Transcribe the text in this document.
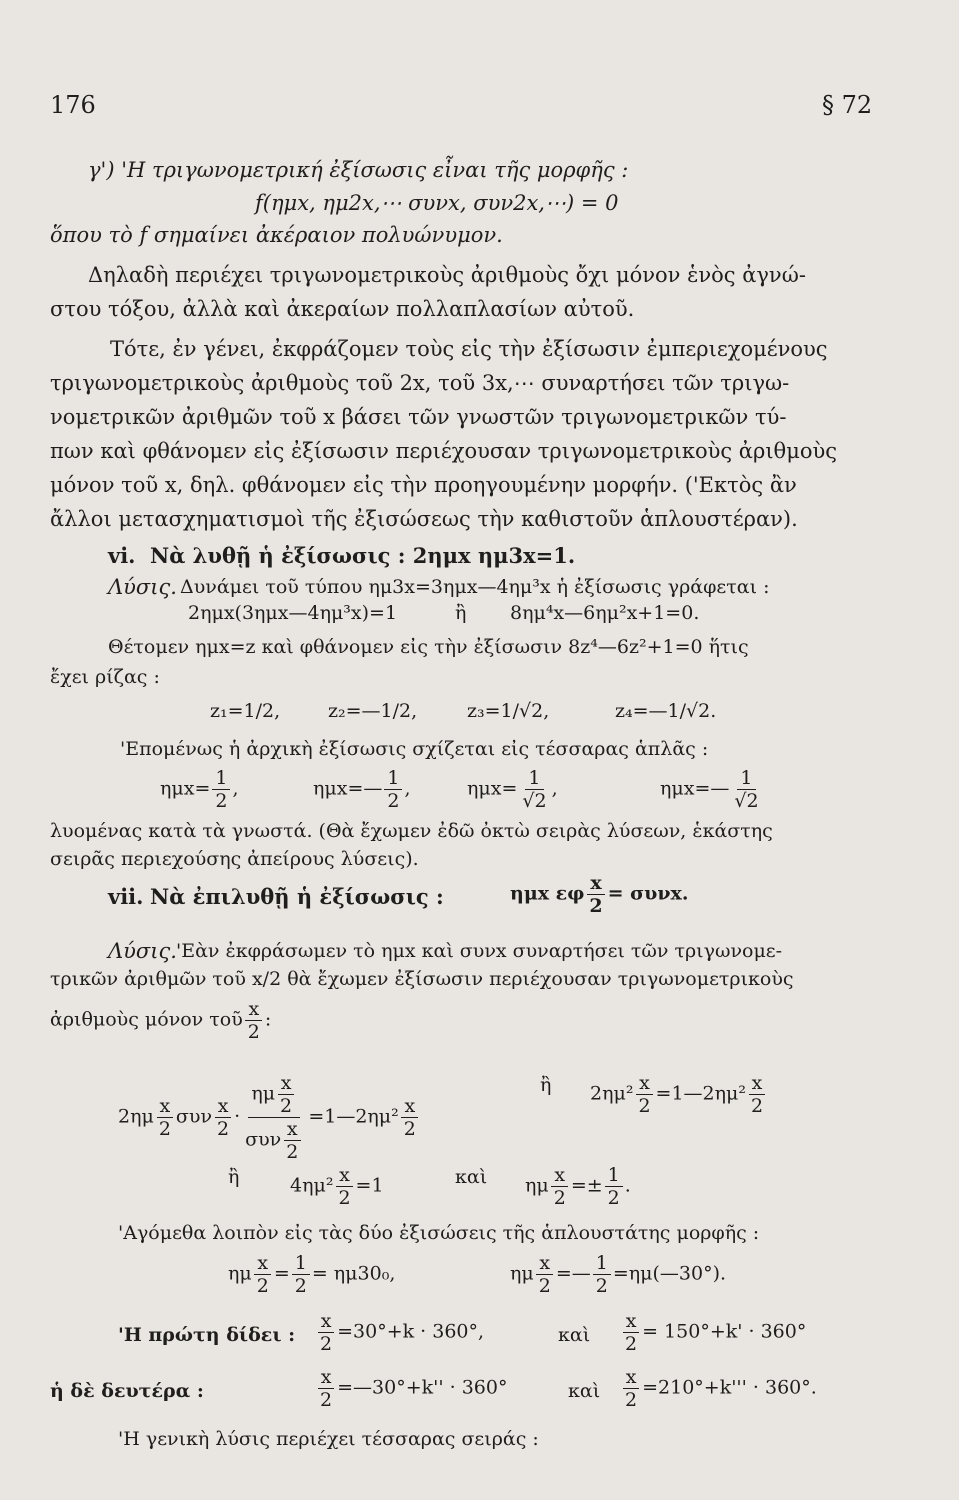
176	§ 72
γ') 'Η τριγωνομετρική ἐξίσωσις εἶναι τῆς μορφῆς :
f(ημx, ημ2x,⋯ συνx, συν2x,⋯) = 0
ὅπου τὸ f σημαίνει ἀκέραιον πολυώνυμον.
Δηλαδὴ περιέχει τριγωνομετρικοὺς ἀριθμοὺς ὄχι μόνον ἑνὸς ἀγνώ-
στου τόξου, ἀλλὰ καὶ ἀκεραίων πολλαπλασίων αὐτοῦ.
Τότε, ἐν γένει, ἐκφράζομεν τοὺς εἰς τὴν ἐξίσωσιν ἐμπεριεχομένους
τριγωνομετρικοὺς ἀριθμοὺς τοῦ 2x, τοῦ 3x,⋯ συναρτήσει τῶν τριγω-
νομετρικῶν ἀριθμῶν τοῦ x βάσει τῶν γνωστῶν τριγωνομετρικῶν τύ-
πων καὶ φθάνομεν εἰς ἐξίσωσιν περιέχουσαν τριγωνομετρικοὺς ἀριθμοὺς
μόνον τοῦ x, δηλ. φθάνομεν εἰς τὴν προηγουμένην μορφήν. ('Εκτὸς ἂν
ἄλλοι μετασχηματισμοὶ τῆς ἐξισώσεως τὴν καθιστοῦν ἁπλουστέραν).
vi. Νὰ λυθῇ ἡ ἐξίσωσις : 2ημx ημ3x=1.
Λύσις. Δυνάμει τοῦ τύπου ημ3x=3ημx—4ημ³x ἡ ἐξίσωσις γράφεται :
2ημx(3ημx—4ημ³x)=1	ἢ 8ημ⁴x—6ημ²x+1=0.
Θέτομεν ημx=z καὶ φθάνομεν εἰς τὴν ἐξίσωσιν 8z⁴—6z²+1=0 ἥτις
ἔχει ρίζας :
z₁=1/2,	z₂=—1/2,	z₃=1/√2,	z₄=—1/√2.
'Επομένως ἡ ἀρχικὴ ἐξίσωσις σχίζεται εἰς τέσσαρας ἁπλᾶς :
$\eta\mu x= \frac{1}{2}$ ,	ημx=— $\frac{1}{2}$ ,	$\eta\mu x= \frac{1}{√2}$ ,	ημx=— $\frac{1}{√2}$
λυομένας κατὰ τὰ γνωστά. (Θὰ ἔχωμεν ἐδῶ ὀκτὼ σειρὰς λύσεων, ἑκάστης
σειρᾶς περιεχούσης ἀπείρους λύσεις).
vii. Νὰ ἐπιλυθῇ ἡ ἐξίσωσις :	ημx εφ $\frac{x}{2} = \sigma\upsilon\nu x$.
Λύσις. 'Εὰν ἐκφράσωμεν τὸ ημx καὶ συνx συναρτήσει τῶν τριγωνομε-
τρικῶν ἀριθμῶν τοῦ x/2 θὰ ἔχωμεν ἐξίσωσιν περιέχουσαν τριγωνομετρικοὺς
ἀριθμοὺς μόνον τοῦ $\frac{x}{2}$ :
$2\eta\mu \frac{x}{2}$ συν $\frac{x}{2} \cdot \frac{\eta\mu \frac{x}{2}}{\sigma\upsilon\nu \frac{x}{2}}$ =1—2ημ² $\frac{x}{2}$
ἢ $2\eta\mu^2 \frac{x}{2}$ =1—2ημ² $\frac{x}{2}$
ἢ	$4\eta\mu^2 \frac{x}{2} =1$	καὶ ημ $\frac{x}{2} =\pm \frac{1}{2}$ .
'Αγόμεθα λοιπὸν εἰς τὰς δύο ἐξισώσεις τῆς ἁπλουστάτης μορφῆς :
ημ $\frac{x}{2} = \frac{1}{2} = \eta\mu 30_0$,	ημ $\frac{x}{2}$ =— $\frac{1}{2}$ =ημ(—30°).
'Η πρώτη δίδει : $\frac{x}{2} =30^\circ+k \cdot 360^\circ$,	καὶ $\frac{x}{2} = 150^\circ+k' \cdot 360^\circ$
ἡ δὲ δευτέρα :	$\frac{x}{2}$ =—30°+k'' · 360°	καὶ $\frac{x}{2} =210^\circ+k''' \cdot 360^\circ$.
'Η γενικὴ λύσις περιέχει τέσσαρας σειράς :
